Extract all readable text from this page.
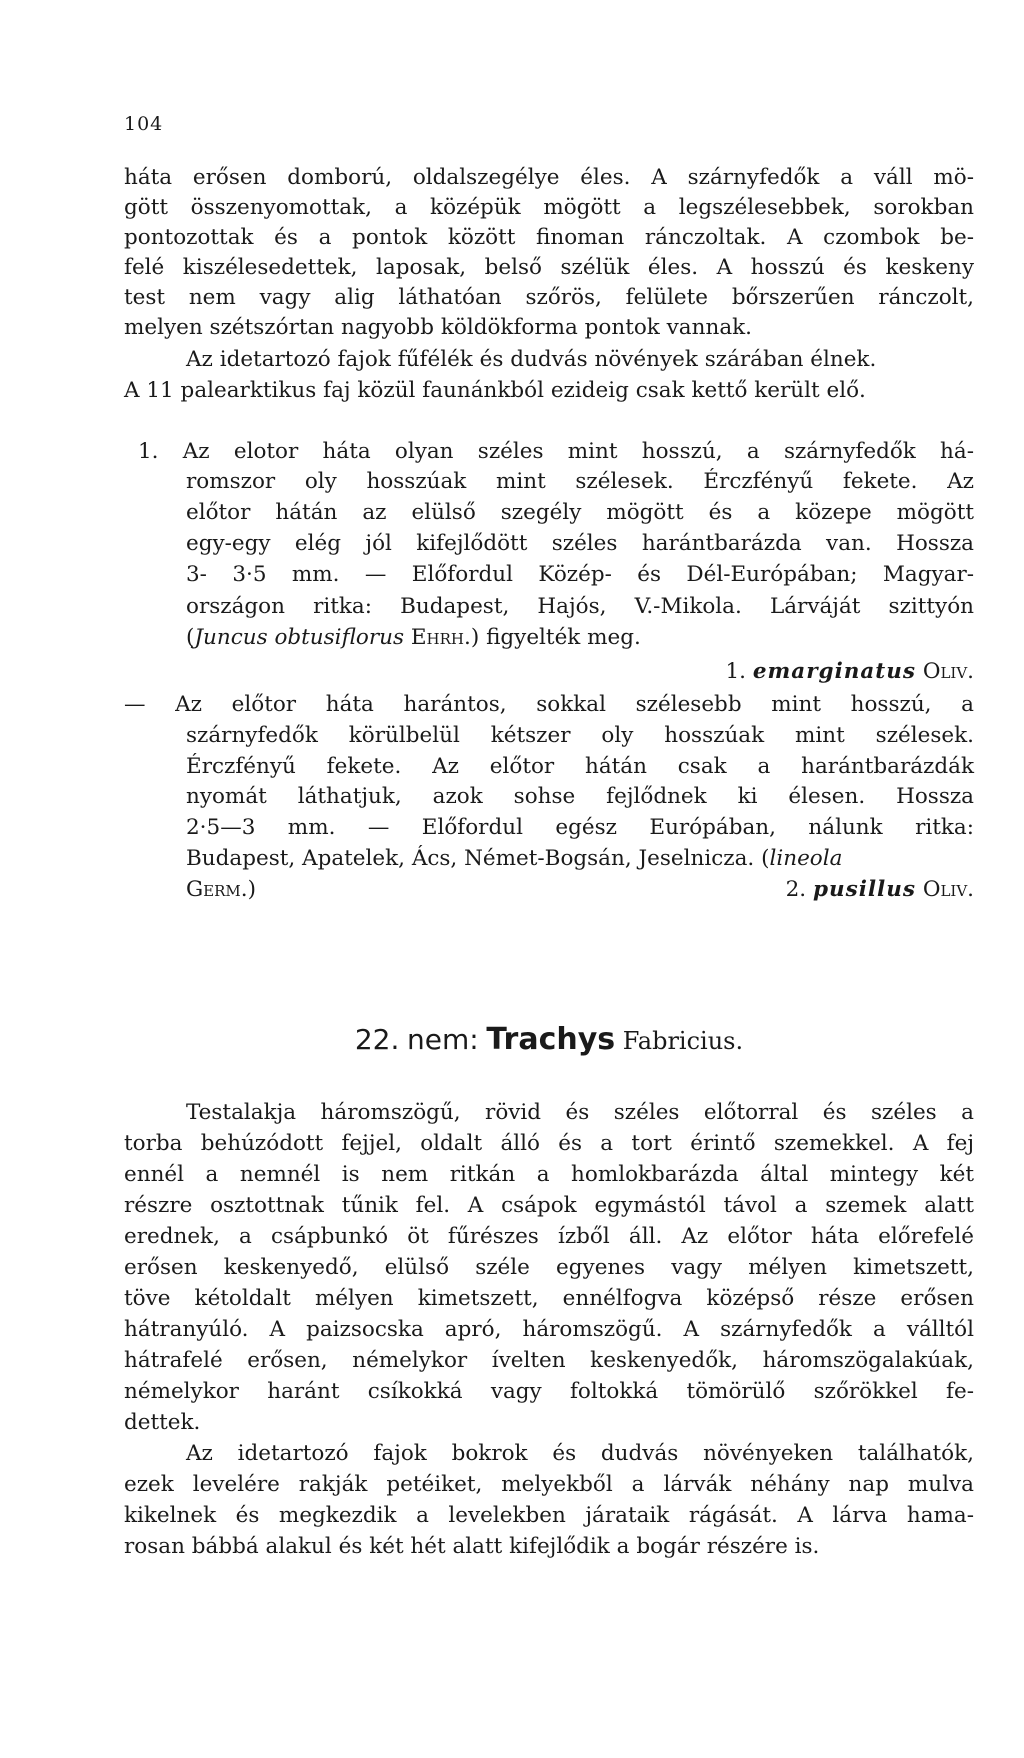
104
háta erősen domború, oldalszegélye éles. A szárnyfedők a váll mö-
gött összenyomottak, a középük mögött a legszélesebbek, sorokban
pontozottak és a pontok között finoman ránczoltak. A czombok be-
felé kiszélesedettek, laposak, belső szélük éles. A hosszú és keskeny
test nem vagy alig láthatóan szőrös, felülete bőrszerűen ránczolt,
melyen szétszórtan nagyobb köldökforma pontok vannak.
Az idetartozó fajok fűfélék és dudvás növények szárában élnek.
A 11 palearktikus faj közül faunánkból ezideig csak kettő került elő.
1. Az elotor háta olyan széles mint hosszú, a szárnyfedők há-
romszor oly hosszúak mint szélesek. Érczfényű fekete. Az
előtor hátán az elülső szegély mögött és a közepe mögött
egy-egy elég jól kifejlődött széles harántbarázda van. Hossza
3- 3·5 mm. — Előfordul Közép- és Dél-Európában; Magyar-
országon ritka: Budapest, Hajós, V.-Mikola. Lárváját szittyón
(Juncus obtusiflorus Ehrh.) figyelték meg.
1. emarginatus Oliv.
— Az előtor háta harántos, sokkal szélesebb mint hosszú, a
szárnyfedők körülbelül kétszer oly hosszúak mint szélesek.
Érczfényű fekete. Az előtor hátán csak a harántbarázdák
nyomát láthatjuk, azok sohse fejlődnek ki élesen. Hossza
2·5—3 mm. — Előfordul egész Európában, nálunk ritka:
Budapest, Apatelek, Ács, Német-Bogsán, Jeselnicza. (lineola
Germ.)	2. pusillus Oliv.
22. nem: Trachys Fabricius.
Testalakja háromszögű, rövid és széles előtorral és széles a
torba behúzódott fejjel, oldalt álló és a tort érintő szemekkel. A fej
ennél a nemnél is nem ritkán a homlokbarázda által mintegy két
részre osztottnak tűnik fel. A csápok egymástól távol a szemek alatt
erednek, a csápbunkó öt fűrészes ízből áll. Az előtor háta előrefelé
erősen keskenyedő, elülső széle egyenes vagy mélyen kimetszett,
töve kétoldalt mélyen kimetszett, ennélfogva középső része erősen
hátranyúló. A paizsocska apró, háromszögű. A szárnyfedők a válltól
hátrafelé erősen, némelykor ívelten keskenyedők, háromszögalakúak,
némelykor haránt csíkokká vagy foltokká tömörülő szőrökkel fe-
dettek.
Az idetartozó fajok bokrok és dudvás növényeken találhatók,
ezek levelére rakják petéiket, melyekből a lárvák néhány nap mulva
kikelnek és megkezdik a levelekben járataik rágását. A lárva hama-
rosan bábbá alakul és két hét alatt kifejlődik a bogár részére is.
